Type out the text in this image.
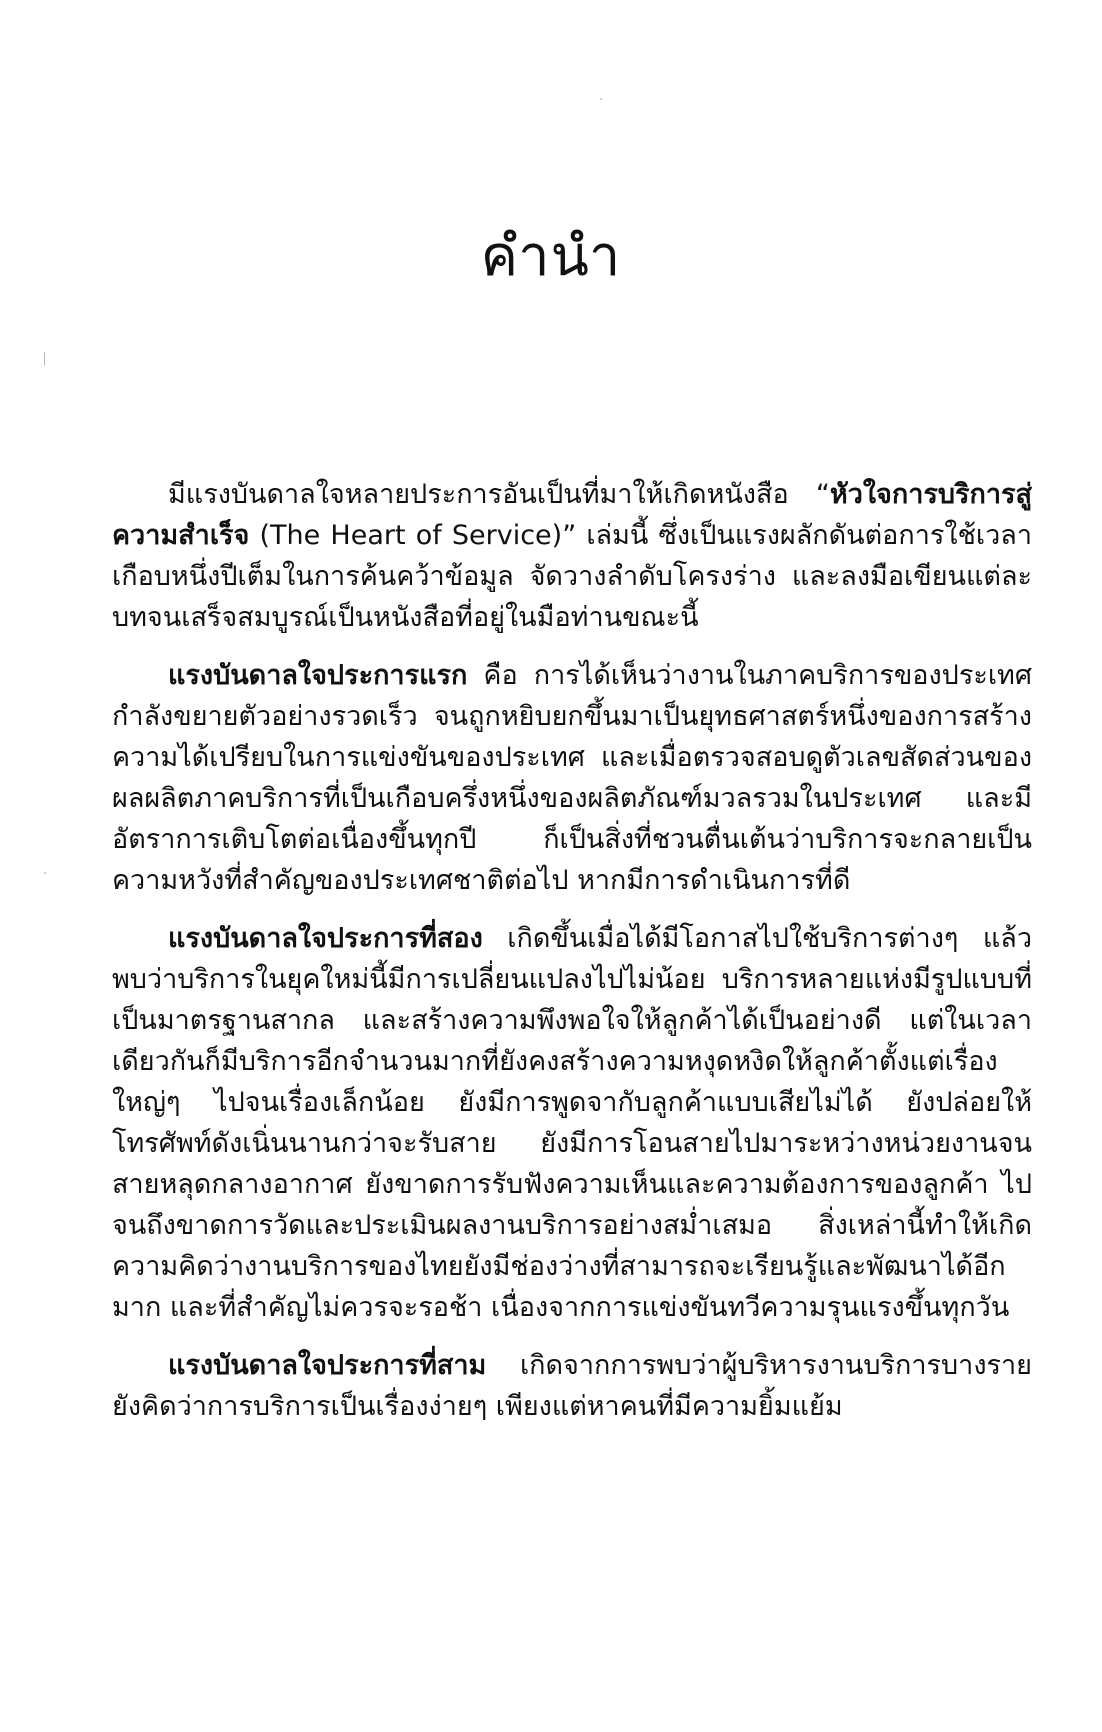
คำนำ

มีแรงบันดาลใจหลายประการอันเป็นที่มาให้เกิดหนังสือ “หัวใจการบริการสู่ความสำเร็จ (The Heart of Service)” เล่มนี้ ซึ่งเป็นแรงผลักดันต่อการใช้เวลาเกือบหนึ่งปีเต็มในการค้นคว้าข้อมูล จัดวางลำดับโครงร่าง และลงมือเขียนแต่ละบทจนเสร็จสมบูรณ์เป็นหนังสือที่อยู่ในมือท่านขณะนี้

แรงบันดาลใจประการแรก คือ การได้เห็นว่างานในภาคบริการของประเทศกำลังขยายตัวอย่างรวดเร็ว จนถูกหยิบยกขึ้นมาเป็นยุทธศาสตร์หนึ่งของการสร้างความได้เปรียบในการแข่งขันของประเทศ และเมื่อตรวจสอบดูตัวเลขสัดส่วนของผลผลิตภาคบริการที่เป็นเกือบครึ่งหนึ่งของผลิตภัณฑ์มวลรวมในประเทศ และมีอัตราการเติบโตต่อเนื่องขึ้นทุกปี ก็เป็นสิ่งที่ชวนตื่นเต้นว่าบริการจะกลายเป็นความหวังที่สำคัญของประเทศชาติต่อไป หากมีการดำเนินการที่ดี

แรงบันดาลใจประการที่สอง เกิดขึ้นเมื่อได้มีโอกาสไปใช้บริการต่างๆ แล้วพบว่าบริการในยุคใหม่นี้มีการเปลี่ยนแปลงไปไม่น้อย บริการหลายแห่งมีรูปแบบที่เป็นมาตรฐานสากล และสร้างความพึงพอใจให้ลูกค้าได้เป็นอย่างดี แต่ในเวลาเดียวกันก็มีบริการอีกจำนวนมากที่ยังคงสร้างความหงุดหงิดให้ลูกค้าตั้งแต่เรื่องใหญ่ๆ ไปจนเรื่องเล็กน้อย ยังมีการพูดจากับลูกค้าแบบเสียไม่ได้ ยังปล่อยให้โทรศัพท์ดังเนิ่นนานกว่าจะรับสาย ยังมีการโอนสายไปมาระหว่างหน่วยงานจนสายหลุดกลางอากาศ ยังขาดการรับฟังความเห็นและความต้องการของลูกค้า ไปจนถึงขาดการวัดและประเมินผลงานบริการอย่างสม่ำเสมอ สิ่งเหล่านี้ทำให้เกิดความคิดว่างานบริการของไทยยังมีช่องว่างที่สามารถจะเรียนรู้และพัฒนาได้อีกมาก และที่สำคัญไม่ควรจะรอช้า เนื่องจากการแข่งขันทวีความรุนแรงขึ้นทุกวัน

แรงบันดาลใจประการที่สาม เกิดจากการพบว่าผู้บริหารงานบริการบางรายยังคิดว่าการบริการเป็นเรื่องง่ายๆ เพียงแต่หาคนที่มีความยิ้มแย้ม
